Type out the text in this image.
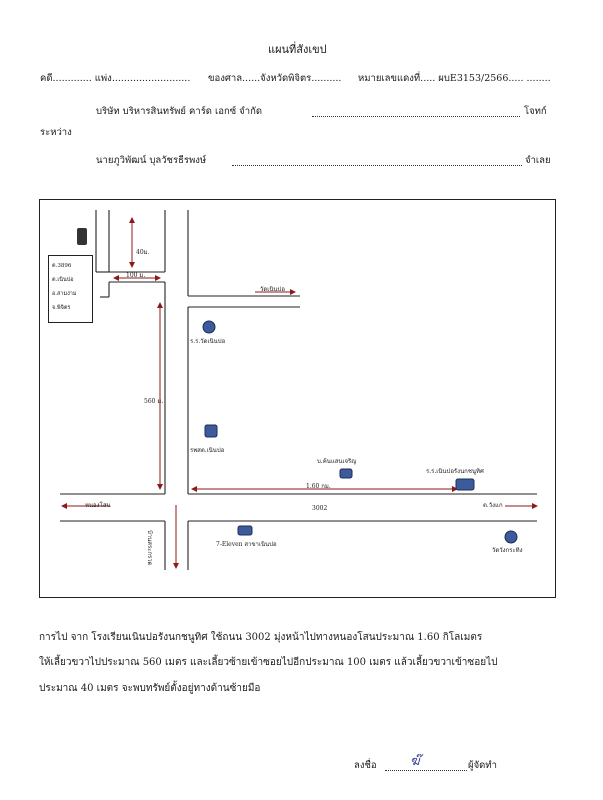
แผนที่สังเขป
คดี............. แพ่ง.......................... ของศาล......จังหวัดพิจิตร.......... หมายเลขแดงที่..... ผบE3153/2566..... ........
บริษัท บริหารสินทรัพย์ คาร์ด เอกซ์ จำกัด	โจทก์
ระหว่าง
นายภูวิพัฒน์ บุลวัชรธีรพงษ์	จำเลย
ต.3896
ต.เนินปอ
อ.สามง่าม
จ.พิจิตร
40ม.
100 ม.
560 ม.
1.60 กม.
3002
วัดเนินปอ
หนองโสน	ต.วังแก
บ้านสระกรวด
ร.ร.วัดเนินปอ
รพสต.เนินปอ
บ.ค้นแสนเจริญ
ร.ร.เนินปอรังนกชนูทิศ
7-Eleven สาขาเนินปอ
วัดวังกระทิง
การไป จาก โรงเรียนเนินปอรังนกชนูทิศ ใช้ถนน 3002 มุ่งหน้าไปทางหนองโสนประมาณ 1.60 กิโลเมตร
ให้เลี้ยวขวาไปประมาณ 560 เมตร และเลี้ยวซ้ายเข้าซอยไปอีกประมาณ 100 เมตร แล้วเลี้ยวขวาเข้าซอยไป
ประมาณ 40 เมตร จะพบทรัพย์ตั้งอยู่ทางด้านซ้ายมือ
ลงชื่อ	ฆ๊	ผู้จัดทำ
